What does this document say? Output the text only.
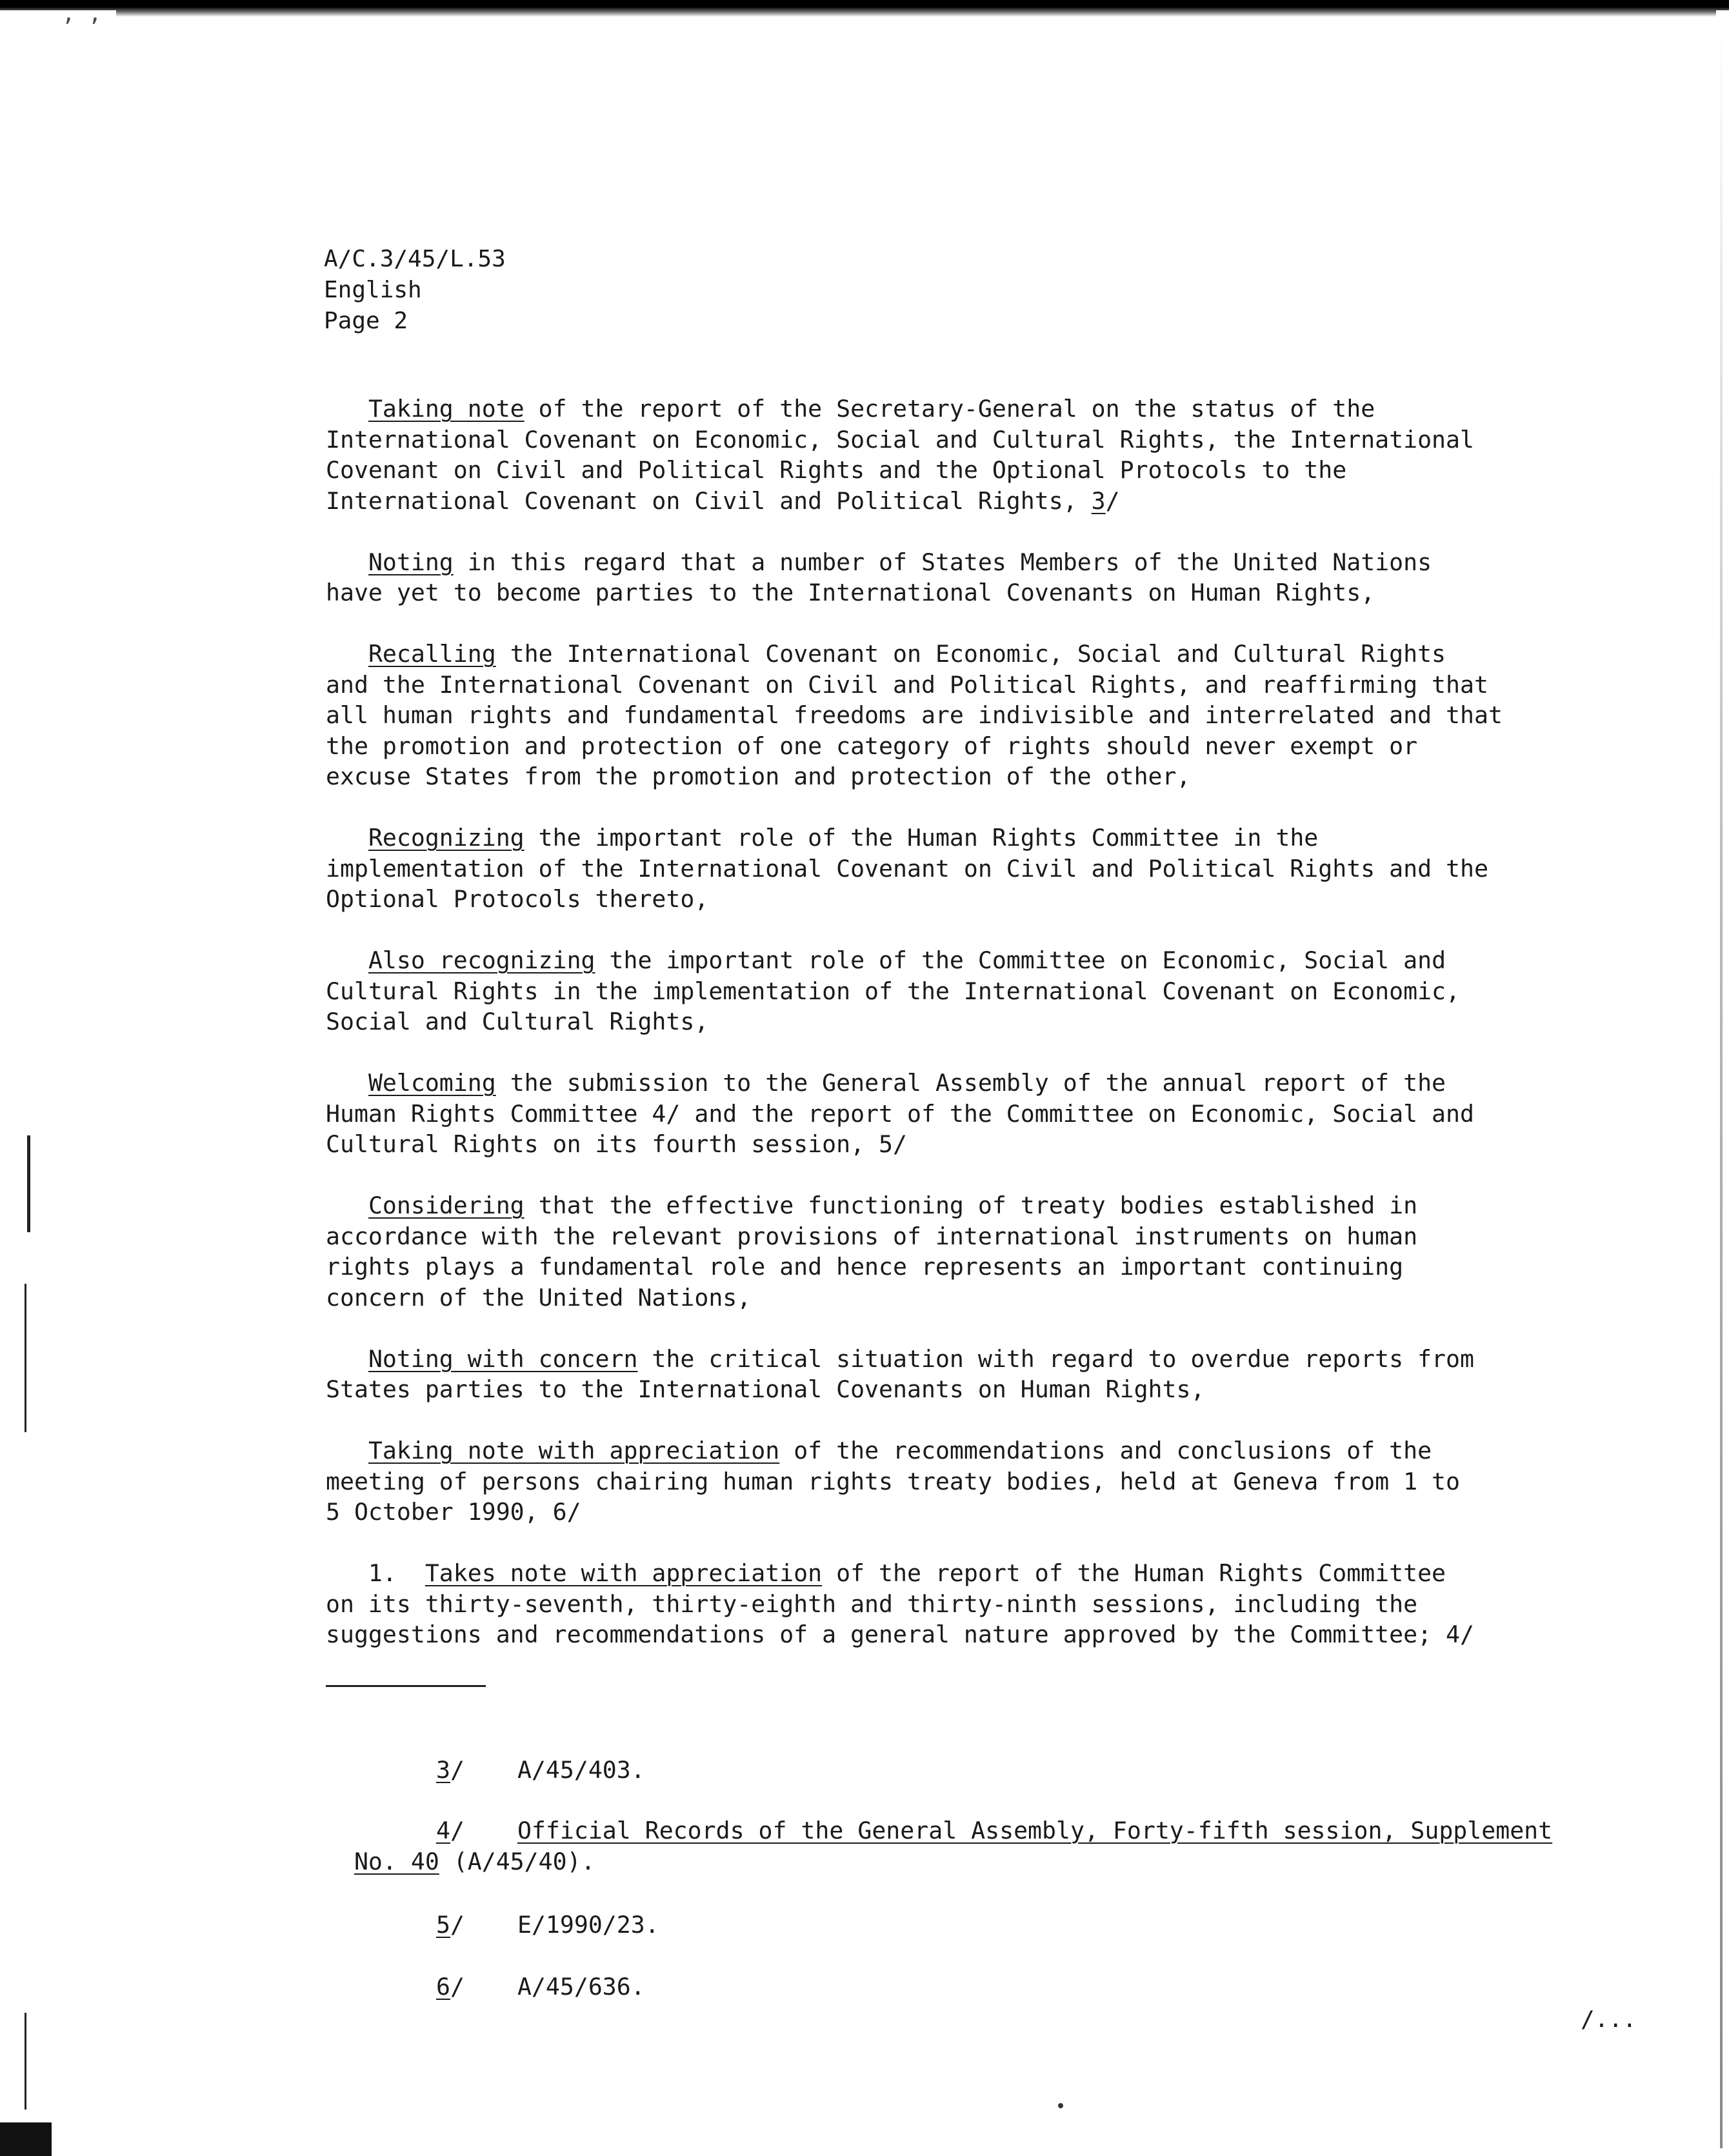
ʼ ʼ
A/C.3/45/L.53
English
Page 2

Taking note of the report of the Secretary-General on the status of the
International Covenant on Economic, Social and Cultural Rights, the International
Covenant on Civil and Political Rights and the Optional Protocols to the
International Covenant on Civil and Political Rights, 3/

Noting in this regard that a number of States Members of the United Nations
have yet to become parties to the International Covenants on Human Rights,

Recalling the International Covenant on Economic, Social and Cultural Rights
and the International Covenant on Civil and Political Rights, and reaffirming that
all human rights and fundamental freedoms are indivisible and interrelated and that
the promotion and protection of one category of rights should never exempt or
excuse States from the promotion and protection of the other,

Recognizing the important role of the Human Rights Committee in the
implementation of the International Covenant on Civil and Political Rights and the
Optional Protocols thereto,

Also recognizing the important role of the Committee on Economic, Social and
Cultural Rights in the implementation of the International Covenant on Economic,
Social and Cultural Rights,

Welcoming the submission to the General Assembly of the annual report of the
Human Rights Committee 4/ and the report of the Committee on Economic, Social and
Cultural Rights on its fourth session, 5/

Considering that the effective functioning of treaty bodies established in
accordance with the relevant provisions of international instruments on human
rights plays a fundamental role and hence represents an important continuing
concern of the United Nations,

Noting with concern the critical situation with regard to overdue reports from
States parties to the International Covenants on Human Rights,

Taking note with appreciation of the recommendations and conclusions of the
meeting of persons chairing human rights treaty bodies, held at Geneva from 1 to
5 October 1990, 6/

1.  Takes note with appreciation of the report of the Human Rights Committee
on its thirty-seventh, thirty-eighth and thirty-ninth sessions, including the
suggestions and recommendations of a general nature approved by the Committee; 4/

3/ A/45/403.

4/ Official Records of the General Assembly, Forty-fifth session, Supplement

No. 40 (A/45/40).

5/ E/1990/23.

6/ A/45/636.

/...
